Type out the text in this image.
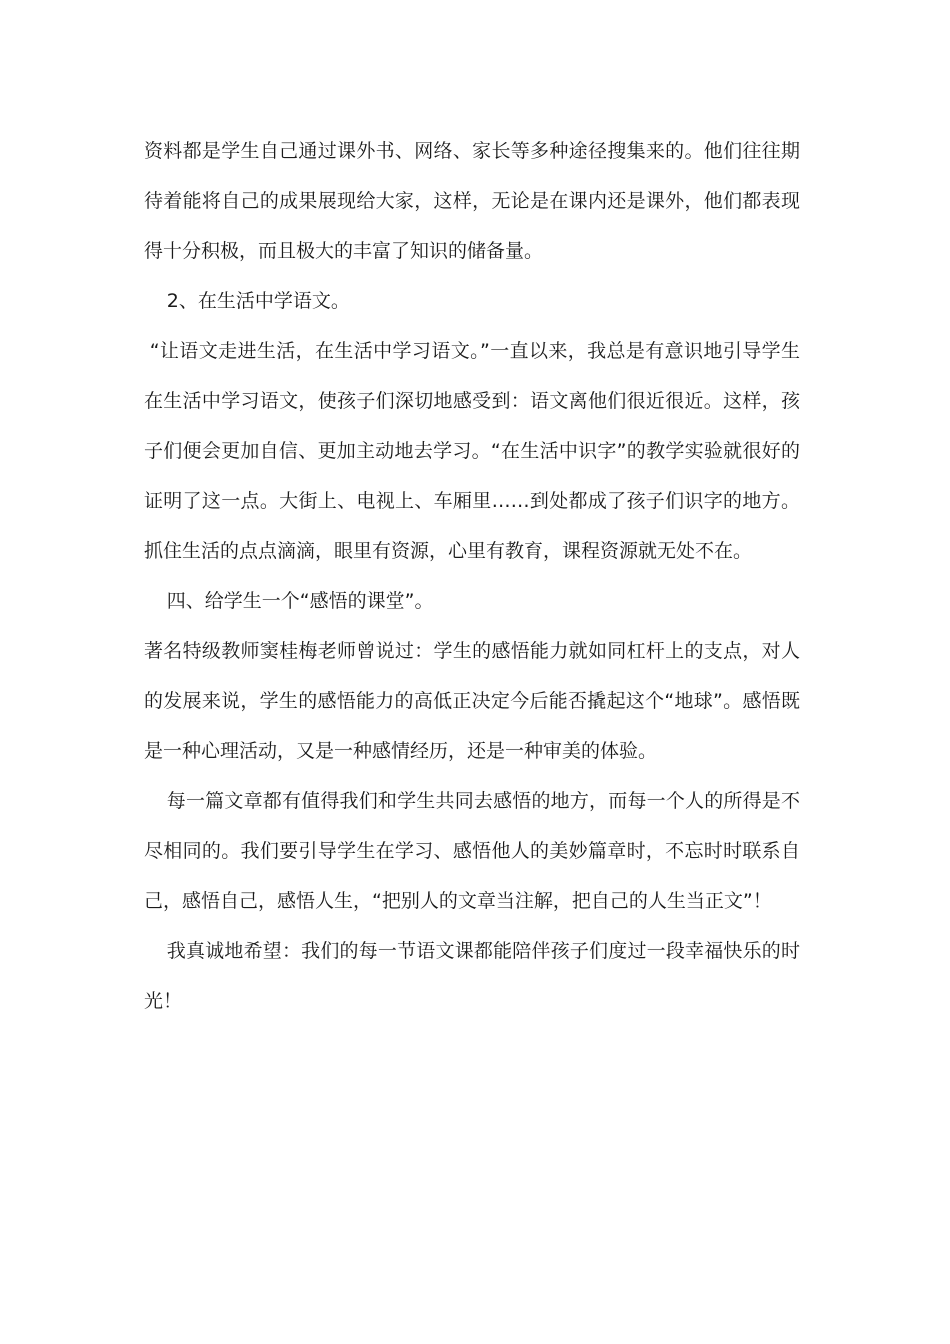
资料都是学生自己通过课外书、网络、家长等多种途径搜集来的。他们往往期待着能将自己的成果展现给大家，这样，无论是在课内还是课外，他们都表现得十分积极，而且极大的丰富了知识的储备量。

2、在生活中学语文。

“让语文走进生活，在生活中学习语文。”一直以来，我总是有意识地引导学生在生活中学习语文，使孩子们深切地感受到：语文离他们很近很近。这样，孩子们便会更加自信、更加主动地去学习。“在生活中识字”的教学实验就很好的证明了这一点。大街上、电视上、车厢里……到处都成了孩子们识字的地方。抓住生活的点点滴滴，眼里有资源，心里有教育，课程资源就无处不在。

四、给学生一个“感悟的课堂”。

著名特级教师窦桂梅老师曾说过：学生的感悟能力就如同杠杆上的支点，对人的发展来说，学生的感悟能力的高低正决定今后能否撬起这个“地球”。感悟既是一种心理活动，又是一种感情经历，还是一种审美的体验。

每一篇文章都有值得我们和学生共同去感悟的地方，而每一个人的所得是不尽相同的。我们要引导学生在学习、感悟他人的美妙篇章时，不忘时时联系自己，感悟自己，感悟人生，“把别人的文章当注解，把自己的人生当正文”！

我真诚地希望：我们的每一节语文课都能陪伴孩子们度过一段幸福快乐的时光！
